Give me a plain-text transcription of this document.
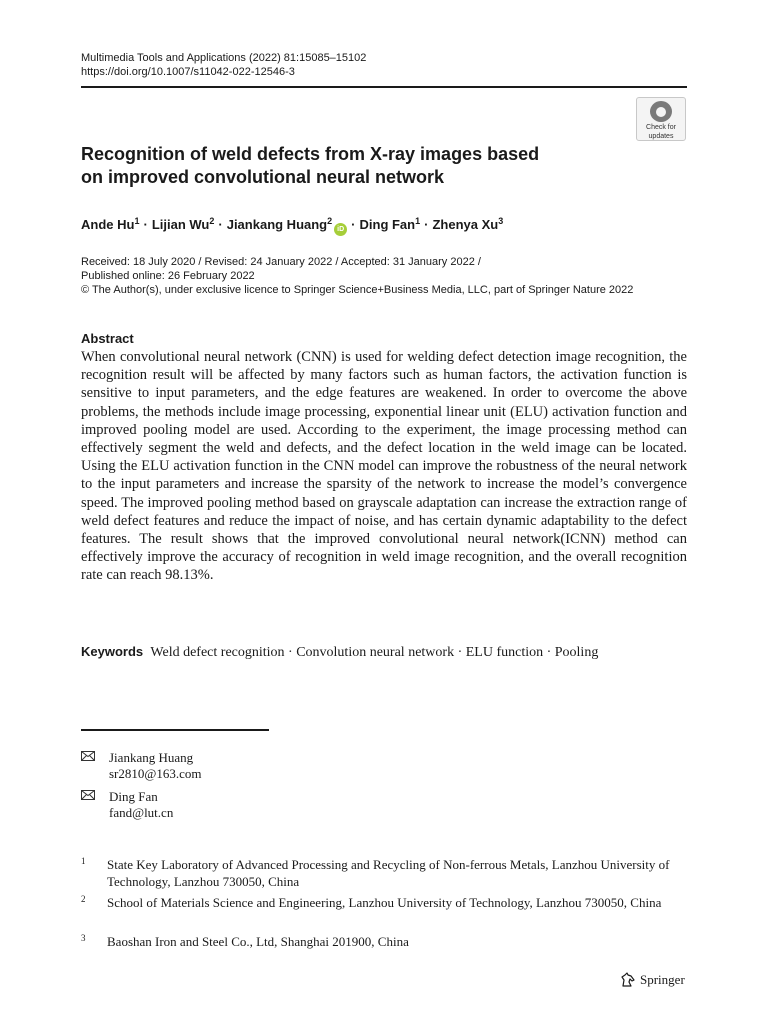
Multimedia Tools and Applications (2022) 81:15085–15102
https://doi.org/10.1007/s11042-022-12546-3
Check for
updates
Recognition of weld defects from X-ray images based
on improved convolutional neural network
Ande $Hu^1$ · Lijian $Wu^2$ · Jiankang Huang$^2$iD · Ding Fan$^1$ · Zhenya Xu$^3$
Received: 18 July 2020 / Revised: 24 January 2022 / Accepted: 31 January 2022 /
Published online: 26 February 2022
© The Author(s), under exclusive licence to Springer Science+Business Media, LLC, part of Springer Nature 2022
Abstract
When convolutional neural network (CNN) is used for welding defect detection image recognition, the recognition result will be affected by many factors such as human factors, the activation function is sensitive to input parameters, and the edge features are weakened. In order to overcome the above problems, the methods include image processing, exponential linear unit (ELU) activation function and improved pooling model are used. According to the experiment, the image processing method can effectively segment the weld and defects, and the defect location in the weld image can be located. Using the ELU activation function in the CNN model can improve the robustness of the neural network to the input parameters and increase the sparsity of the network to increase the model’s convergence speed. The improved pooling method based on grayscale adaptation can increase the extraction range of weld defect features and reduce the impact of noise, and has certain dynamic adaptability to the defect features. The result shows that the improved convolutional neural network(ICNN) method can effectively improve the accuracy of recognition in weld image recognition, and the overall recognition rate can reach 98.13%.
Keywords Weld defect recognition · Convolution neural network · ELU function · Pooling
Jiankang Huang
sr2810@163.com
Ding Fan
fand@lut.cn
1 State Key Laboratory of Advanced Processing and Recycling of Non-ferrous Metals, Lanzhou University of Technology, Lanzhou 730050, China
2 School of Materials Science and Engineering, Lanzhou University of Technology, Lanzhou 730050, China
3 Baoshan Iron and Steel Co., Ltd, Shanghai 201900, China
Springer
